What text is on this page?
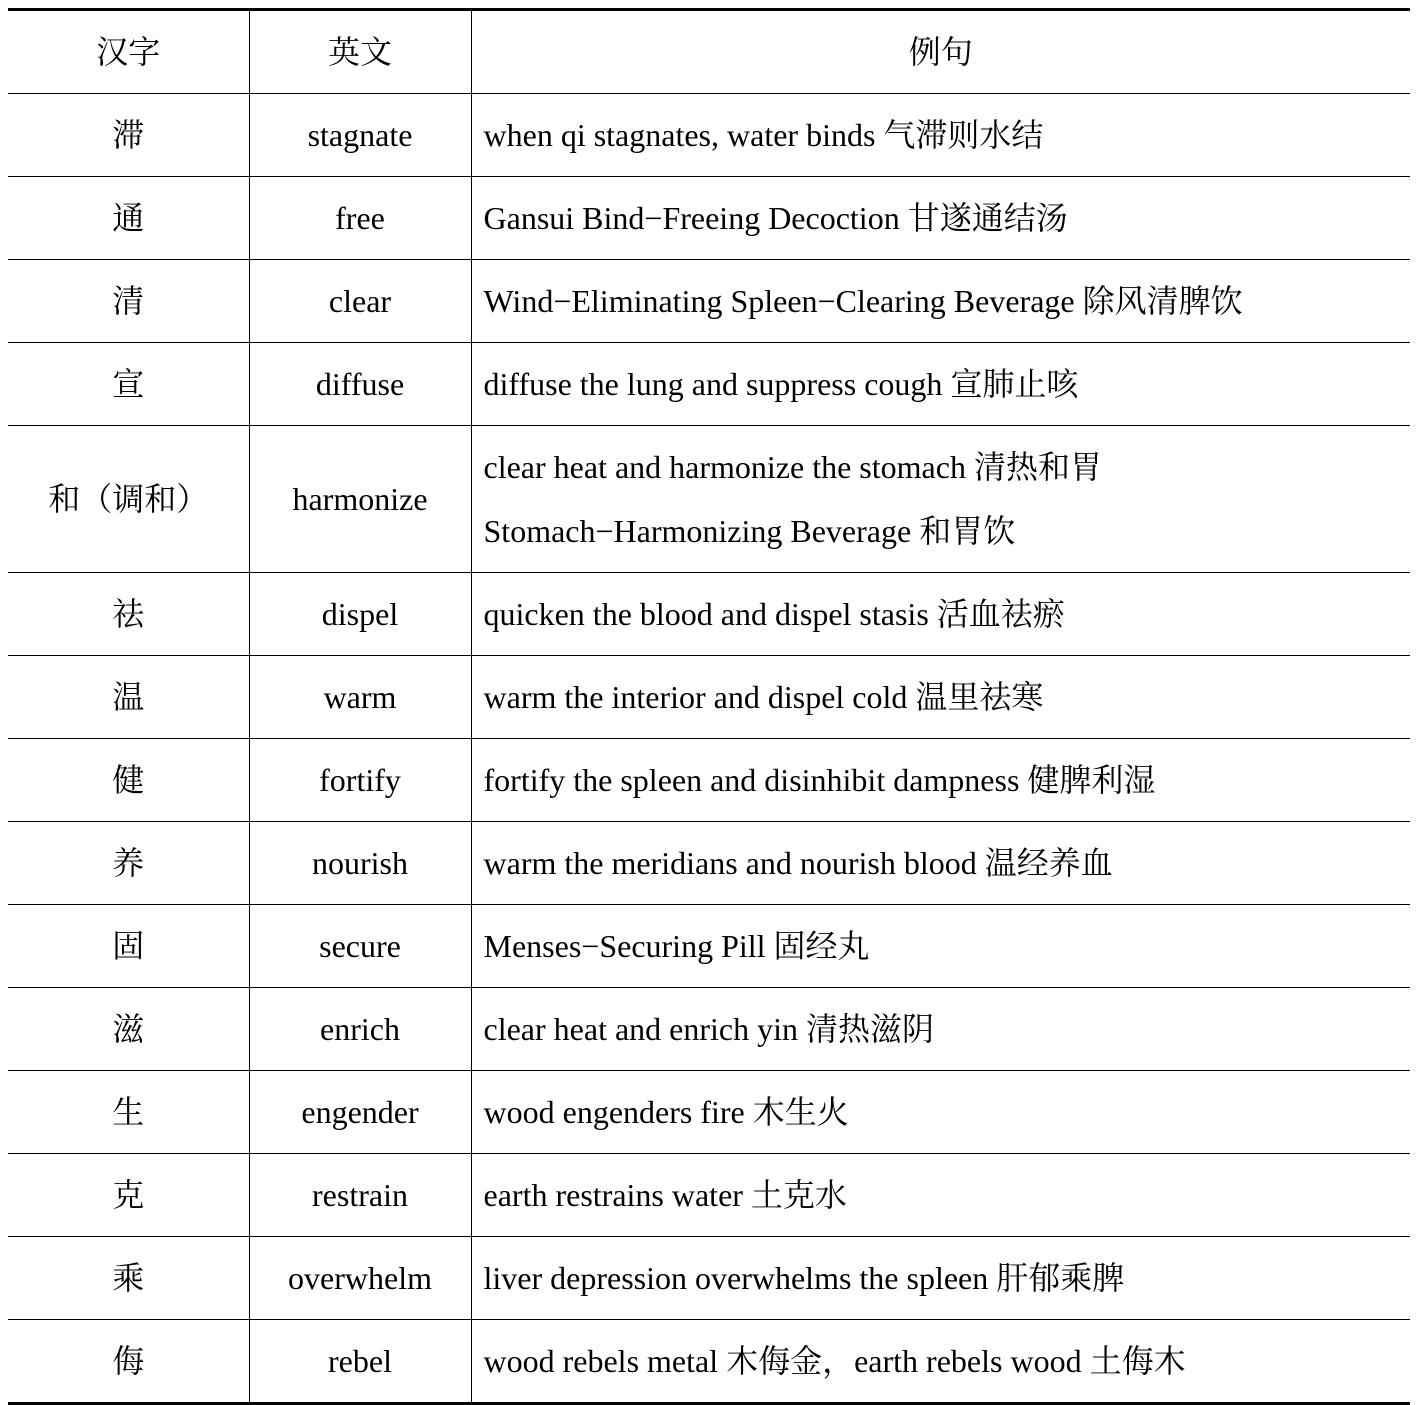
汉字	英文	例句
滞	stagnate	when qi stagnates, water binds 气滞则水结
通	free	Gansui Bind−Freeing Decoction 甘遂通结汤
清	clear	Wind−Eliminating Spleen−Clearing Beverage 除风清脾饮
宣	diffuse	diffuse the lung and suppress cough 宣肺止咳
和（调和）	harmonize	clear heat and harmonize the stomach 清热和胃 Stomach−Harmonizing Beverage 和胃饮
祛	dispel	quicken the blood and dispel stasis 活血祛瘀
温	warm	warm the interior and dispel cold 温里祛寒
健	fortify	fortify the spleen and disinhibit dampness 健脾利湿
养	nourish	warm the meridians and nourish blood 温经养血
固	secure	Menses−Securing Pill 固经丸
滋	enrich	clear heat and enrich yin 清热滋阴
生	engender	wood engenders fire 木生火
克	restrain	earth restrains water 土克水
乘	overwhelm	liver depression overwhelms the spleen 肝郁乘脾
侮	rebel	wood rebels metal 木侮金，earth rebels wood 土侮木
